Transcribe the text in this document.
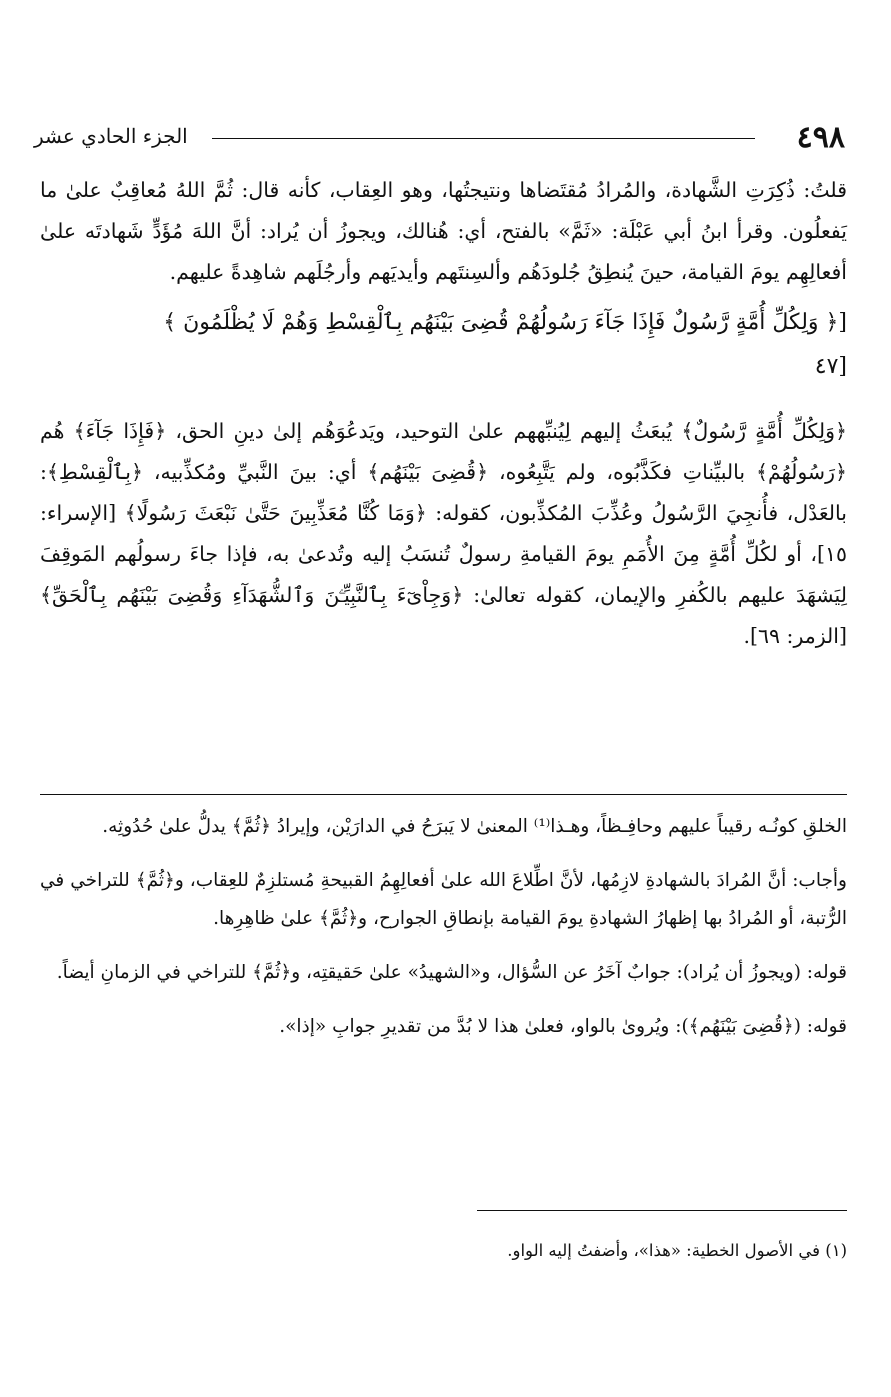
٤٩٨
الجزء الحادي عشر

قلتُ: ذُكِرَتِ الشَّهادة، والمُرادُ مُقتَضاها ونتيجتُها، وهو العِقاب، كأنه قال: ثُمَّ اللهُ مُعاقِبٌ علىٰ ما يَفعلُون. وقرأ ابنُ أبي عَبْلَة: «ثَمَّ» بالفتح، أي: هُنالك، ويجوزُ أن يُراد: أنَّ اللهَ مُؤَدٍّ شَهادتَه علىٰ أفعالِهِم يومَ القيامة، حينَ يُنطِقُ جُلودَهُم وألسِنتَهم وأيديَهم وأرجُلَهم شاهِدةً عليهم.

[﴿ وَلِكُلِّ أُمَّةٍ رَّسُولٌ فَإِذَا جَآءَ رَسُولُهُمْ قُضِىَ بَيْنَهُم بِٱلْقِسْطِ وَهُمْ لَا يُظْلَمُونَ ﴾
[٤٧

﴿وَلِكُلِّ أُمَّةٍ رَّسُولٌ﴾ يُبعَثُ إليهم لِيُنبِّههم علىٰ التوحيد، ويَدعُوَهُم إلىٰ دينِ الحق، ﴿فَإِذَا جَآءَ﴾ هُم ﴿رَسُولُهُمْ﴾ بالبيِّناتِ فكَذَّبُوه، ولم يَتَّبِعُوه، ﴿قُضِىَ بَيْنَهُم﴾ أي: بينَ النَّبيِّ ومُكذِّبيه، ﴿بِٱلْقِسْطِ﴾: بالعَدْل، فأُنجِيَ الرَّسُولُ وعُذِّبَ المُكذِّبون، كقوله: ﴿وَمَا كُنَّا مُعَذِّبِينَ حَتَّىٰ نَبْعَثَ رَسُولًا﴾ [الإسراء: ١٥]، أو لكُلِّ أُمَّةٍ مِنَ الأُمَمِ يومَ القيامةِ رسولٌ تُنسَبُ إليه وتُدعىٰ به، فإذا جاءَ رسولُهم المَوقِفَ لِيَشهَدَ عليهم بالكُفرِ والإيمان، كقوله تعالىٰ: ﴿وَجِاْىٓءَ بِٱلنَّبِيِّـۧنَ وَٱلشُّهَدَآءِ وَقُضِىَ بَيْنَهُم بِٱلْحَقِّ﴾ [الزمر: ٦٩].

الخلقِ كونُـه رقيباً عليهم وحافِـظاً، وهـذا⁽¹⁾ المعنىٰ لا يَبرَحُ في الدارَيْن، وإيرادُ ﴿ثُمَّ﴾ يدلُّ علىٰ حُدُوثِه.

وأجاب: أنَّ المُرادَ بالشهادةِ لازِمُها، لأنَّ اطِّلاعَ الله علىٰ أفعالِهِمُ القبيحةِ مُستلزِمٌ للعِقاب، و﴿ثُمَّ﴾ للتراخي في الرُّتبة، أو المُرادُ بها إظهارُ الشهادةِ يومَ القيامة بإنطاقِ الجوارح، و﴿ثُمَّ﴾ علىٰ ظاهِرِها.

قوله: (ويجوزُ أن يُراد): جوابٌ آخَرُ عن السُّؤال، و«الشهيدُ» علىٰ حَقيقتِه، و﴿ثُمَّ﴾ للتراخي في الزمانِ أيضاً.

قوله: (﴿قُضِىَ بَيْنَهُم﴾): ويُروىٰ بالواو، فعلىٰ هذا لا بُدَّ من تقديرِ جوابِ «إذا».

(١) في الأصول الخطية: «هذا»، وأضفتُ إليه الواو.
